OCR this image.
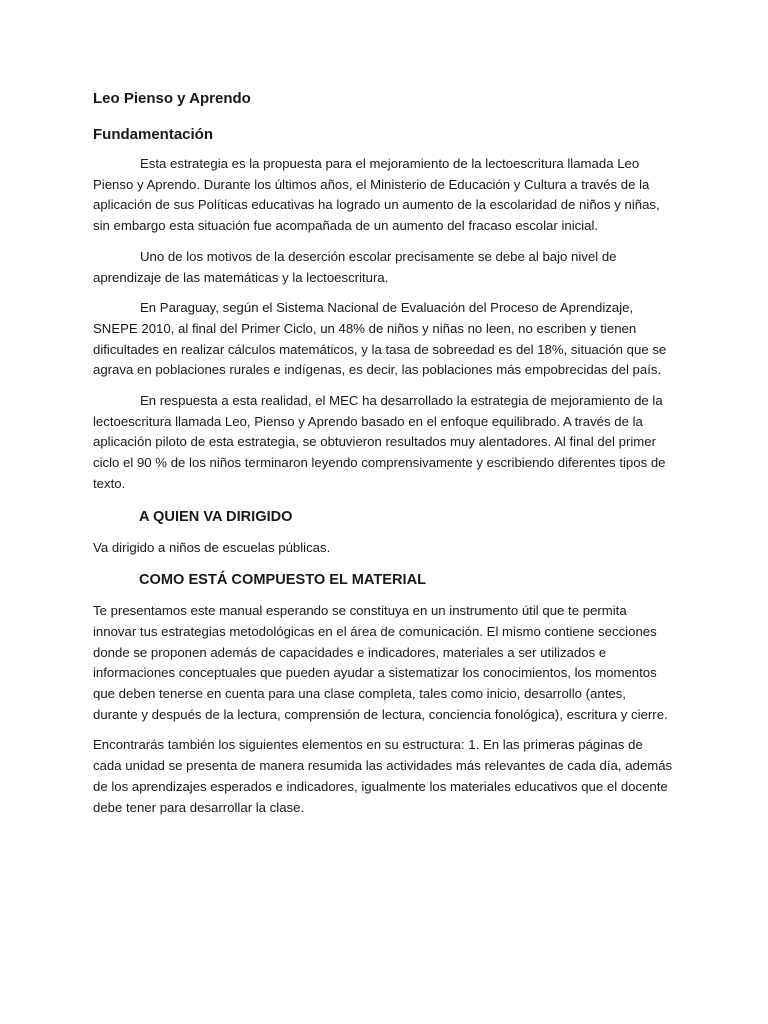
Leo Pienso y Aprendo
Fundamentación

Esta estrategia es la propuesta para el mejoramiento de la lectoescritura llamada Leo Pienso y Aprendo. Durante los últimos años, el Ministerio de Educación y Cultura a través de la aplicación de sus Políticas educativas ha logrado un aumento de la escolaridad de niños y niñas, sin embargo esta situación fue acompañada de un aumento del fracaso escolar inicial.

Uno de los motivos de la deserción escolar precisamente se debe al bajo nivel de aprendizaje de las matemáticas y la lectoescritura.

En Paraguay, según el Sistema Nacional de Evaluación del Proceso de Aprendizaje, SNEPE 2010, al final del Primer Ciclo, un 48% de niños y niñas no leen, no escriben y tienen dificultades en realizar cálculos matemáticos, y la tasa de sobreedad es del 18%, situación que se agrava en poblaciones rurales e indígenas, es decir, las poblaciones más empobrecidas del país.

En respuesta a esta realidad, el MEC ha desarrollado la estrategia de mejoramiento de la lectoescritura llamada Leo, Pienso y Aprendo basado en el enfoque equilibrado. A través de la aplicación piloto de esta estrategia, se obtuvieron resultados muy alentadores. Al final del primer ciclo el 90 % de los niños terminaron leyendo comprensivamente y escribiendo diferentes tipos de texto.

A QUIEN VA DIRIGIDO

Va dirigido a niños de escuelas públicas.

COMO ESTÁ COMPUESTO EL MATERIAL

Te presentamos este manual esperando se constituya en un instrumento útil que te permita innovar tus estrategias metodológicas en el área de comunicación. El mismo contiene secciones donde se proponen además de capacidades e indicadores, materiales a ser utilizados e informaciones conceptuales que pueden ayudar a sistematizar los conocimientos, los momentos que deben tenerse en cuenta para una clase completa, tales como inicio, desarrollo (antes, durante y después de la lectura, comprensión de lectura, conciencia fonológica), escritura y cierre.

Encontrarás también los siguientes elementos en su estructura: 1. En las primeras páginas de cada unidad se presenta de manera resumida las actividades más relevantes de cada día, además de los aprendizajes esperados e indicadores, igualmente los materiales educativos que el docente debe tener para desarrollar la clase.
